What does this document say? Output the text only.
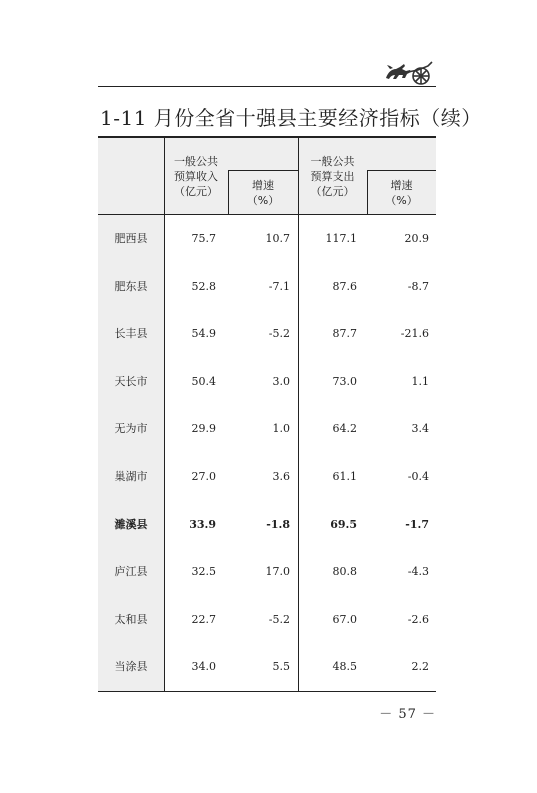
1-11 月份全省十强县主要经济指标（续）
一般公共
预算收入
（亿元）	增速
（%）
一般公共
预算支出
（亿元）	增速
（%）
肥西县	75.7	10.7	117.1	20.9
肥东县	52.8	-7.1	87.6	-8.7
长丰县	54.9	-5.2	87.7	-21.6
天长市	50.4	3.0	73.0	1.1
无为市	29.9	1.0	64.2	3.4
巢湖市	27.0	3.6	61.1	-0.4
濉溪县	33.9	-1.8	69.5	-1.7
庐江县	32.5	17.0	80.8	-4.3
太和县	22.7	-5.2	67.0	-2.6
当涂县	34.0	5.5	48.5	2.2
－ 57 －
